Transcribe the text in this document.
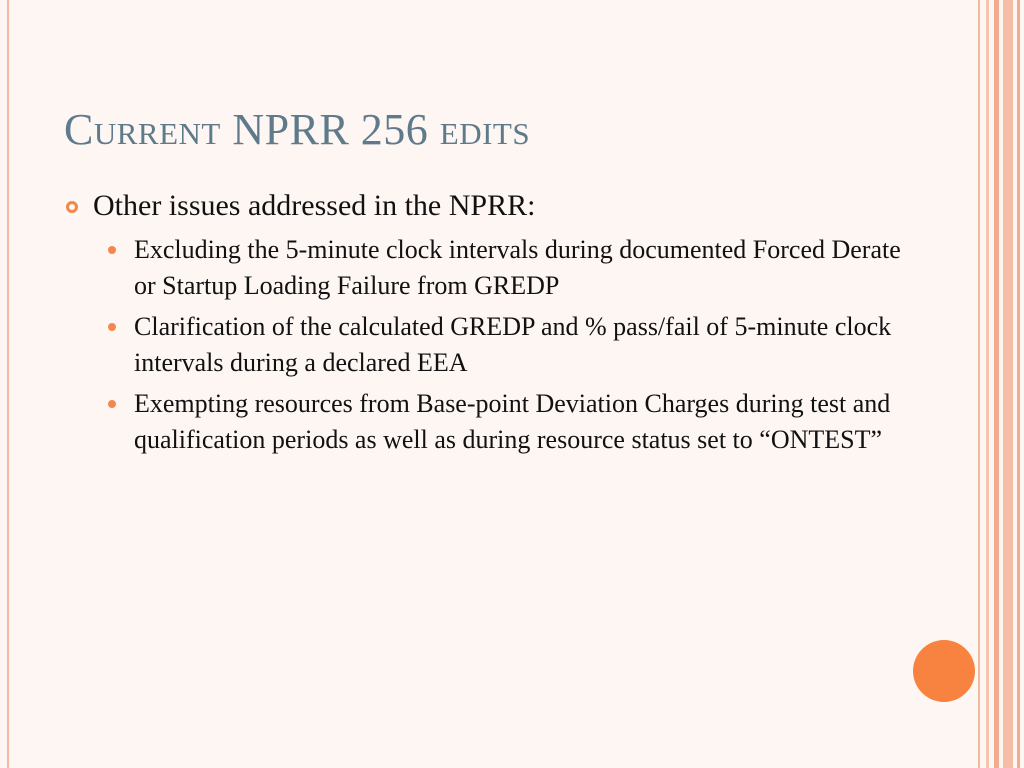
Current NPRR 256 edits
Other issues addressed in the NPRR:
Excluding the 5-minute clock intervals during documented Forced Derate or Startup Loading Failure from GREDP
Clarification of the calculated GREDP and % pass/fail of 5-minute clock intervals during a declared EEA
Exempting resources from Base-point Deviation Charges during test and qualification periods as well as during resource status set to “ONTEST”
